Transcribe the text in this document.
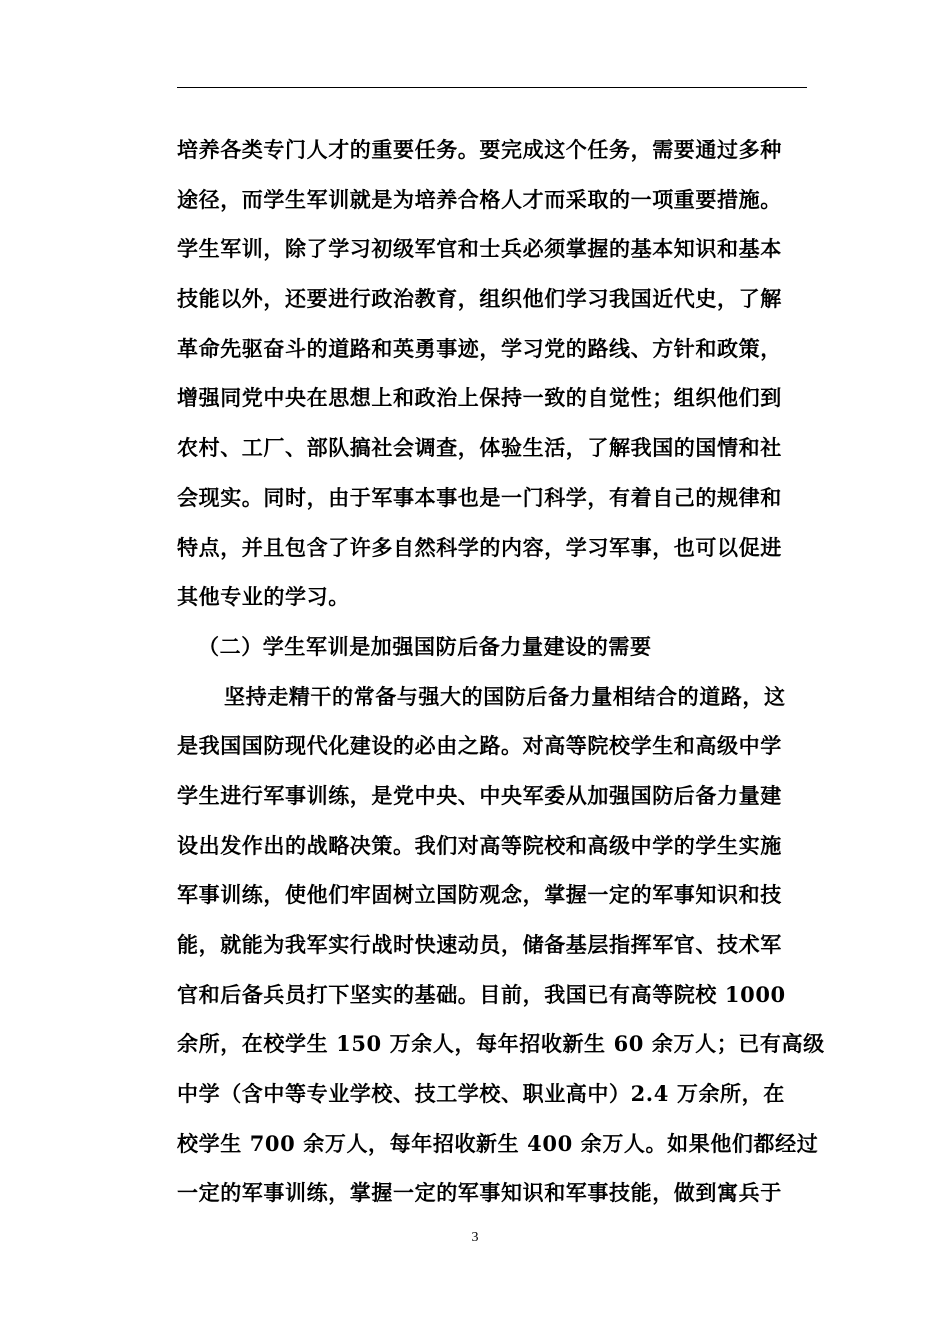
培养各类专门人才的重要任务。要完成这个任务，需要通过多种
途径，而学生军训就是为培养合格人才而采取的一项重要措施。
学生军训，除了学习初级军官和士兵必须掌握的基本知识和基本
技能以外，还要进行政治教育，组织他们学习我国近代史，了解
革命先驱奋斗的道路和英勇事迹，学习党的路线、方针和政策，
增强同党中央在思想上和政治上保持一致的自觉性；组织他们到
农村、工厂、部队搞社会调查，体验生活，了解我国的国情和社
会现实。同时，由于军事本事也是一门科学，有着自己的规律和
特点，并且包含了许多自然科学的内容，学习军事，也可以促进
其他专业的学习。
（二）学生军训是加强国防后备力量建设的需要
坚持走精干的常备与强大的国防后备力量相结合的道路，这
是我国国防现代化建设的必由之路。对高等院校学生和高级中学
学生进行军事训练，是党中央、中央军委从加强国防后备力量建
设出发作出的战略决策。我们对高等院校和高级中学的学生实施
军事训练，使他们牢固树立国防观念，掌握一定的军事知识和技
能，就能为我军实行战时快速动员，储备基层指挥军官、技术军
官和后备兵员打下坚实的基础。目前，我国已有高等院校 1000
余所，在校学生 150 万余人，每年招收新生 60 余万人；已有高级
中学（含中等专业学校、技工学校、职业高中）2.4 万余所，在
校学生 700 余万人，每年招收新生 400 余万人。如果他们都经过
一定的军事训练，掌握一定的军事知识和军事技能，做到寓兵于
3
